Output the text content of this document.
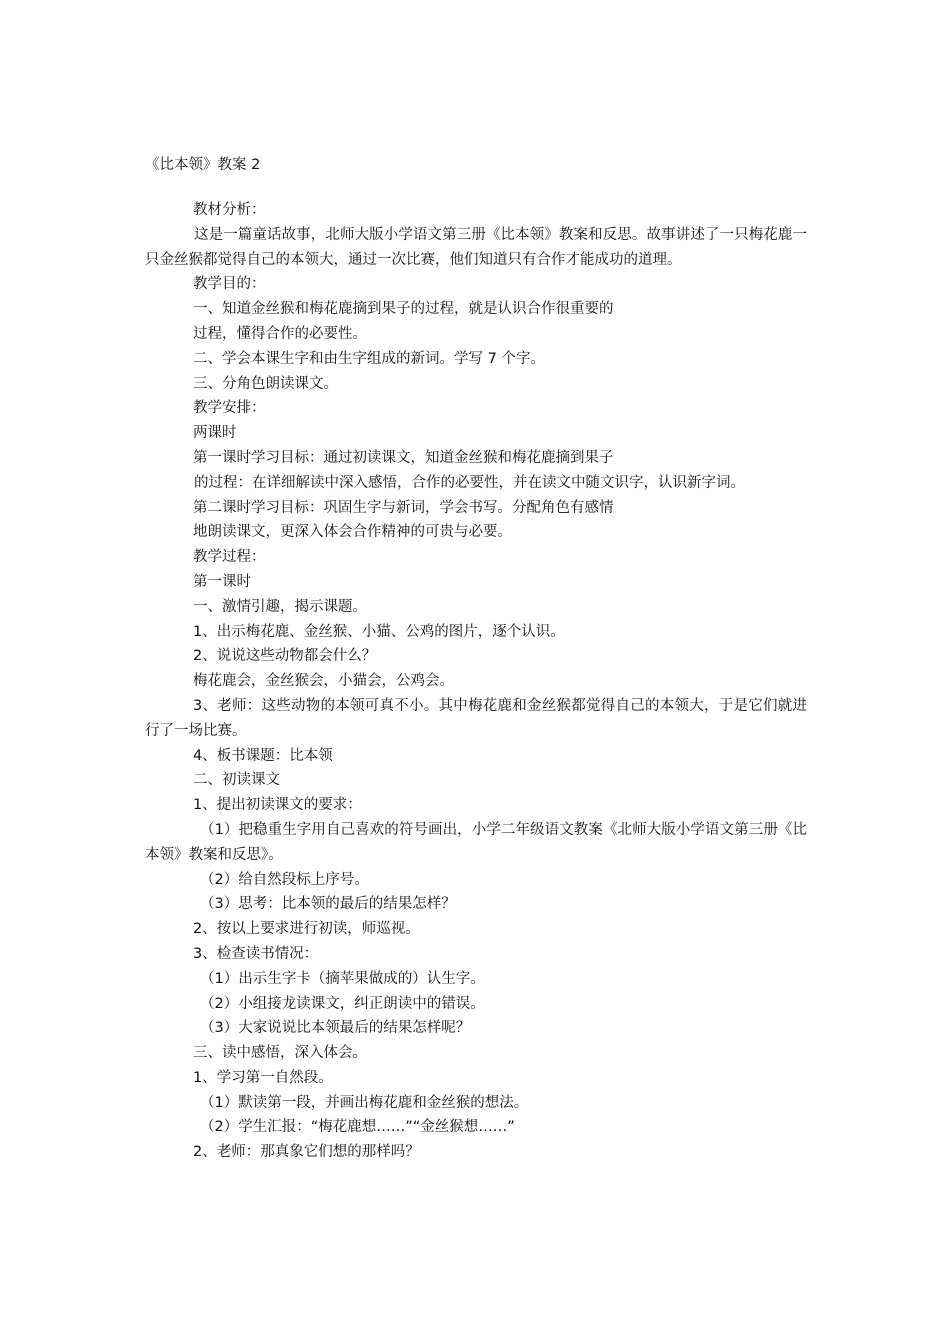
《比本领》教案 2

教材分析：

这是一篇童话故事，北师大版小学语文第三册《比本领》教案和反思。故事讲述了一只梅花鹿一只金丝猴都觉得自己的本领大，通过一次比赛，他们知道只有合作才能成功的道理。

教学目的：

一、知道金丝猴和梅花鹿摘到果子的过程，就是认识合作很重要的

过程，懂得合作的必要性。

二、学会本课生字和由生字组成的新词。学写 7 个字。

三、分角色朗读课文。

教学安排：

两课时

第一课时学习目标：通过初读课文，知道金丝猴和梅花鹿摘到果子

的过程：在详细解读中深入感悟，合作的必要性，并在读文中随文识字，认识新字词。

第二课时学习目标：巩固生字与新词，学会书写。分配角色有感情

地朗读课文，更深入体会合作精神的可贵与必要。

教学过程：

第一课时

一、激情引趣，揭示课题。

1、出示梅花鹿、金丝猴、小猫、公鸡的图片，逐个认识。

2、说说这些动物都会什么？

梅花鹿会，金丝猴会，小猫会，公鸡会。

3、老师：这些动物的本领可真不小。其中梅花鹿和金丝猴都觉得自己的本领大，于是它们就进行了一场比赛。

4、板书课题：比本领

二、初读课文

1、提出初读课文的要求：

（1）把稳重生字用自己喜欢的符号画出，小学二年级语文教案《北师大版小学语文第三册《比本领》教案和反思》。

（2）给自然段标上序号。

（3）思考：比本领的最后的结果怎样？

2、按以上要求进行初读，师巡视。

3、检查读书情况：

（1）出示生字卡（摘苹果做成的）认生字。

（2）小组接龙读课文，纠正朗读中的错误。

（3）大家说说比本领最后的结果怎样呢？

三、读中感悟，深入体会。

1、学习第一自然段。

（1）默读第一段，并画出梅花鹿和金丝猴的想法。

（2）学生汇报：“梅花鹿想……”“金丝猴想……”

2、老师：那真象它们想的那样吗？
